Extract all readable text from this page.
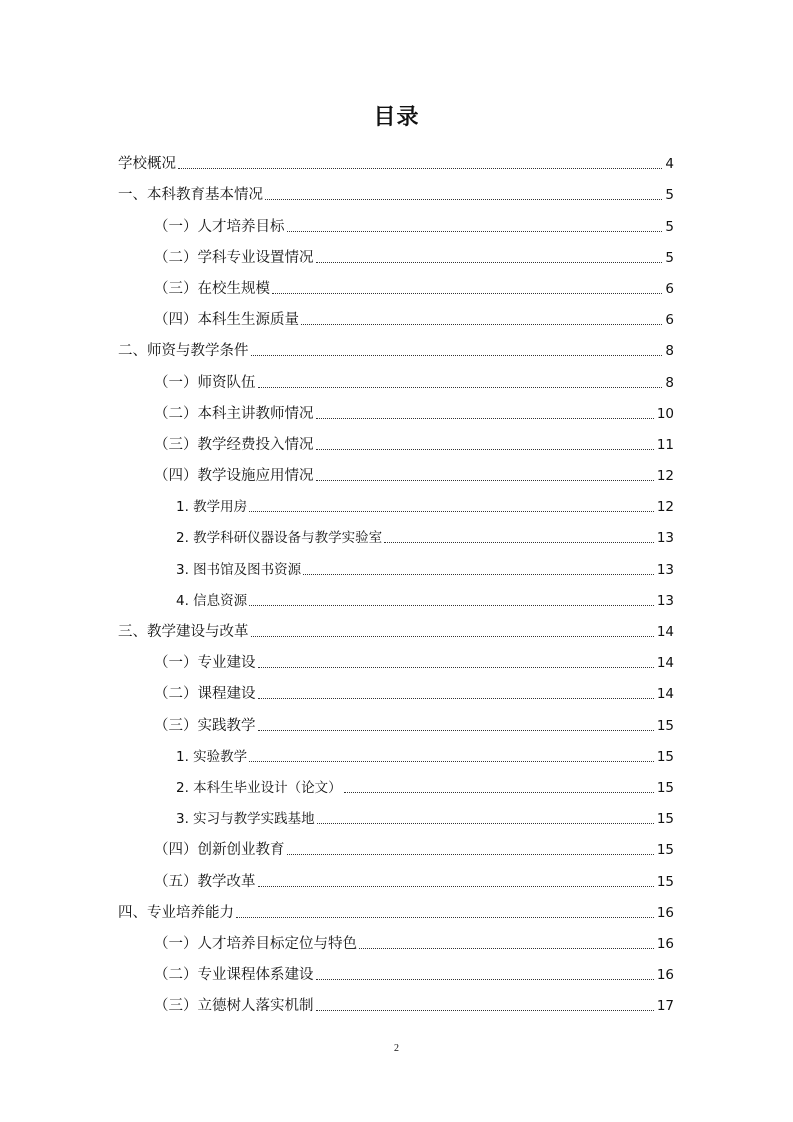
目录
学校概况	4
一、本科教育基本情况	5
（一）人才培养目标	5
（二）学科专业设置情况	5
（三）在校生规模	6
（四）本科生生源质量	6
二、师资与教学条件	8
（一）师资队伍	8
（二）本科主讲教师情况	10
（三）教学经费投入情况	11
（四）教学设施应用情况	12
1. 教学用房	12
2. 教学科研仪器设备与教学实验室	13
3. 图书馆及图书资源	13
4. 信息资源	13
三、教学建设与改革	14
（一）专业建设	14
（二）课程建设	14
（三）实践教学	15
1. 实验教学	15
2. 本科生毕业设计（论文）	15
3. 实习与教学实践基地	15
（四）创新创业教育	15
（五）教学改革	15
四、专业培养能力	16
（一）人才培养目标定位与特色	16
（二）专业课程体系建设	16
（三）立德树人落实机制	17
2
